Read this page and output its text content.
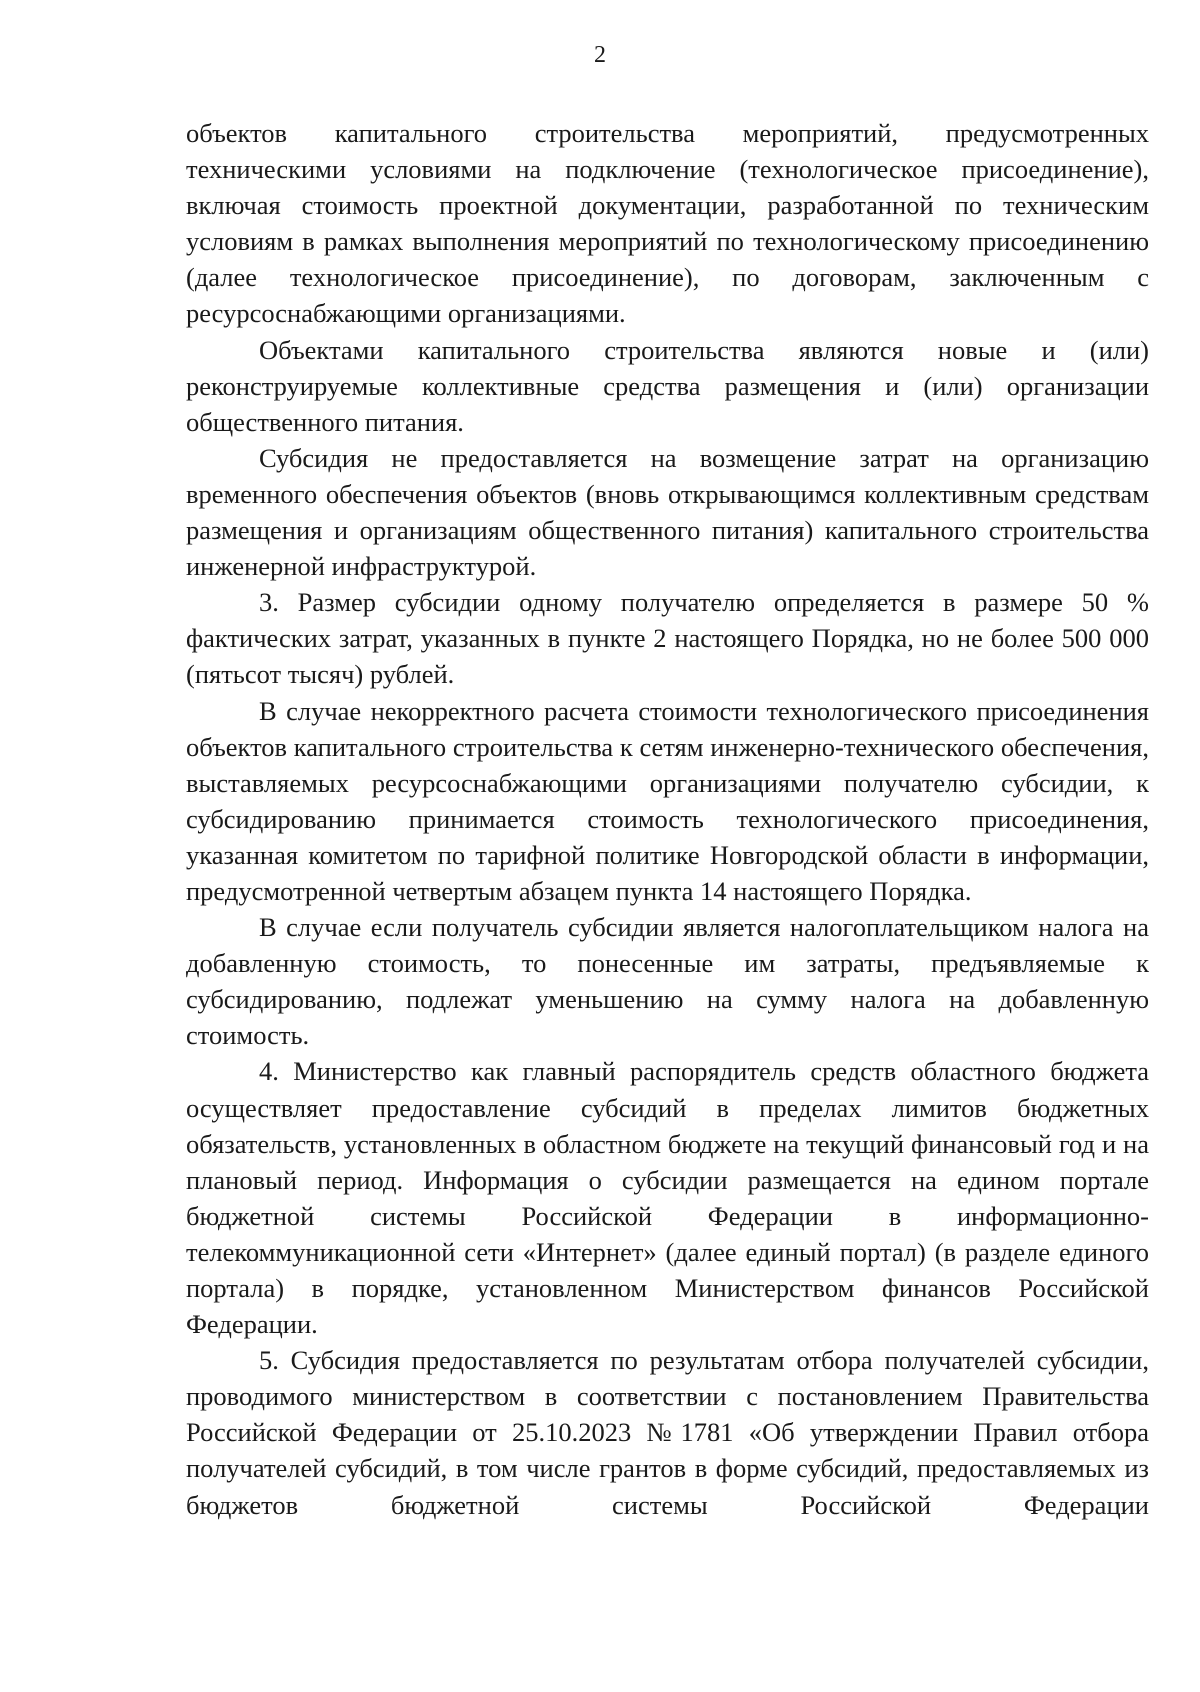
2

объектов капитального строительства мероприятий, предусмотренных техническими условиями на подключение (технологическое присоединение), включая стоимость проектной документации, разработанной по техническим условиям в рамках выполнения мероприятий по технологическому присоединению (далее технологическое присоединение), по договорам, заключенным с ресурсоснабжающими организациями.

Объектами капитального строительства являются новые и (или) реконструируемые коллективные средства размещения и (или) организации общественного питания.

Субсидия не предоставляется на возмещение затрат на организацию временного обеспечения объектов (вновь открывающимся коллективным средствам размещения и организациям общественного питания) капитального строительства инженерной инфраструктурой.

3. Размер субсидии одному получателю определяется в размере 50 % фактических затрат, указанных в пункте 2 настоящего Порядка, но не более 500 000 (пятьсот тысяч) рублей.

В случае некорректного расчета стоимости технологического присоединения объектов капитального строительства к сетям инженерно-технического обеспечения, выставляемых ресурсоснабжающими организациями получателю субсидии, к субсидированию принимается стоимость технологического присоединения, указанная комитетом по тарифной политике Новгородской области в информации, предусмотренной четвертым абзацем пункта 14 настоящего Порядка.

В случае если получатель субсидии является налогоплательщиком налога на добавленную стоимость, то понесенные им затраты, предъявляемые к субсидированию, подлежат уменьшению на сумму налога на добавленную стоимость.

4. Министерство как главный распорядитель средств областного бюджета осуществляет предоставление субсидий в пределах лимитов бюджетных обязательств, установленных в областном бюджете на текущий финансовый год и на плановый период. Информация о субсидии размещается на едином портале бюджетной системы Российской Федерации в информационно-телекоммуникационной сети «Интернет» (далее единый портал) (в разделе единого портала) в порядке, установленном Министерством финансов Российской Федерации.

5. Субсидия предоставляется по результатам отбора получателей субсидии, проводимого министерством в соответствии с постановлением Правительства Российской Федерации от 25.10.2023 №1781 «Об утверждении Правил отбора получателей субсидий, в том числе грантов в форме субсидий, предоставляемых из бюджетов бюджетной системы Российской Федерации
